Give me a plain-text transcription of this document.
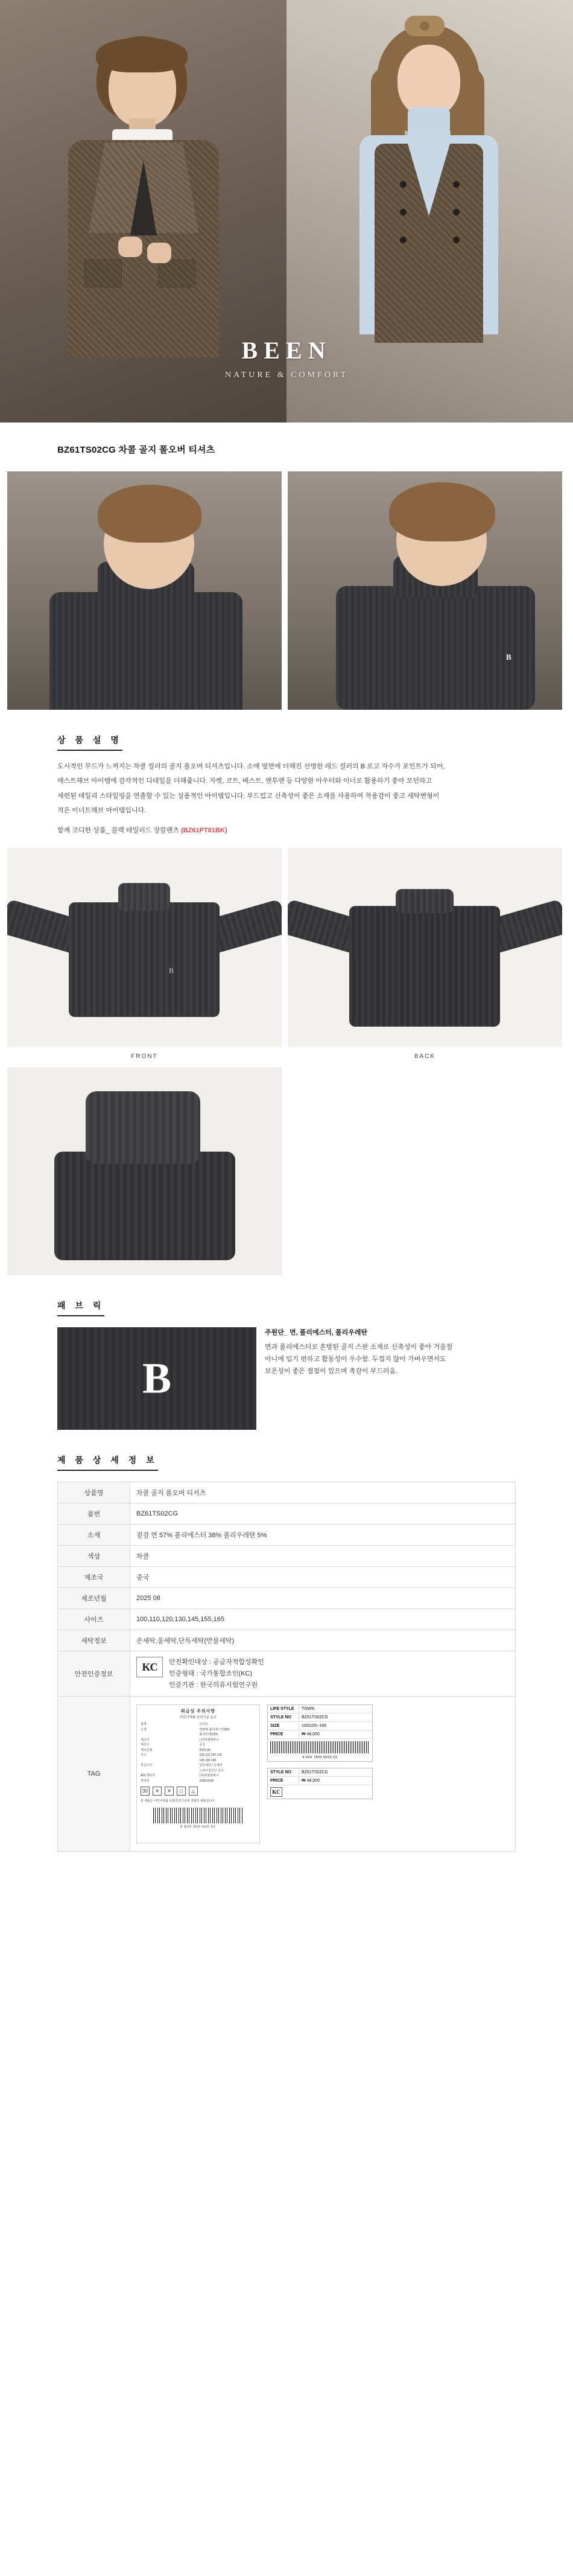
BEEN
NATURE & COMFORT
BZ61TS02CG 차콜 골지 폴오버 티셔츠
B
상 품 설 명

도시적인 무드가 느껴지는 차콜 컬러의 골지 폴오버 티셔츠입니다. 소매 옆면에 더해진 선명한 레드 컬러의 B 로고 자수가 포인트가 되어,

매스트해브 아이템에 감각적인 디테일을 더해줍니다. 자켓, 코트, 베스트, 맨투맨 등 다양한 아우터와 이너로 활용하기 좋아 모던하고

세련된 데일리 스타일링을 연출할 수 있는 실용적인 아이템입니다. 부드럽고 신축성이 좋은 소재를 사용하여 착용감이 좋고 세탁변형이

적은 이너트해브 아이템입니다.

함께 코디한 상품_ 블랙 테일러드 장칼팬츠 (BZ61PT01BK)
B
FRONT	BACK
패 브 릭
B
주원단_ 면, 폴리에스터, 폴리우레탄
면과 폴리에스터로 혼방된 골지 스판 소재로 신축성이 좋아 겨울철
아니에 입기 편하고 활동성이 우수함. 두껍지 않아 가벼우면서도
보온성이 좋은 점점이 있으며 촉감이 부드러움.
제 품 상 세 정 보
상품명	차콜 골지 폴오버 티셔츠
품번	BZ61TS02CG
소재	겉감 면 57% 폴리에스터 38% 폴리우레탄 5%
색상	차콜
제조국	중국
제조년월	2025 08
사이즈	100,110,120,130,145,155,165
세탁정보	손세탁,울세탁,단독세탁(반물세탁)
안전인증정보	KC 안전확인대상 : 공급자적합성확인
인증형태 : 국가통합조인(KC)
인증기관 : 한국의류시험연구원

TAG	
취급상 주의사항
어린이제품 안전기준 준수
품명	티셔츠
소재	면57% 폴리에스터38%
폴리우레탄5%
제조자	(주)비엔컴퍼니
제조국	중국
제조년월	2025.08
치수	100 110 120 130
145 155 165
취급주의	단독세탁 / 손세탁
드라이클리닝 금지
A/S 책임자	(주)비엔컴퍼니
연락처	1588-0000
30	✕	✕	◻	△
본 제품은 어린이제품 공통안전기준에 적합한 제품입니다.
8 809 000 000 01
LIFE STYLE	TOWN
STYLE NO	BZ61TS02CG
SIZE	100/100~165
PRICE	₩ 48,000
8 809 7800 0030 03
STYLE NO	BZ61TS02CG
PRICE	₩ 48,000
KC
